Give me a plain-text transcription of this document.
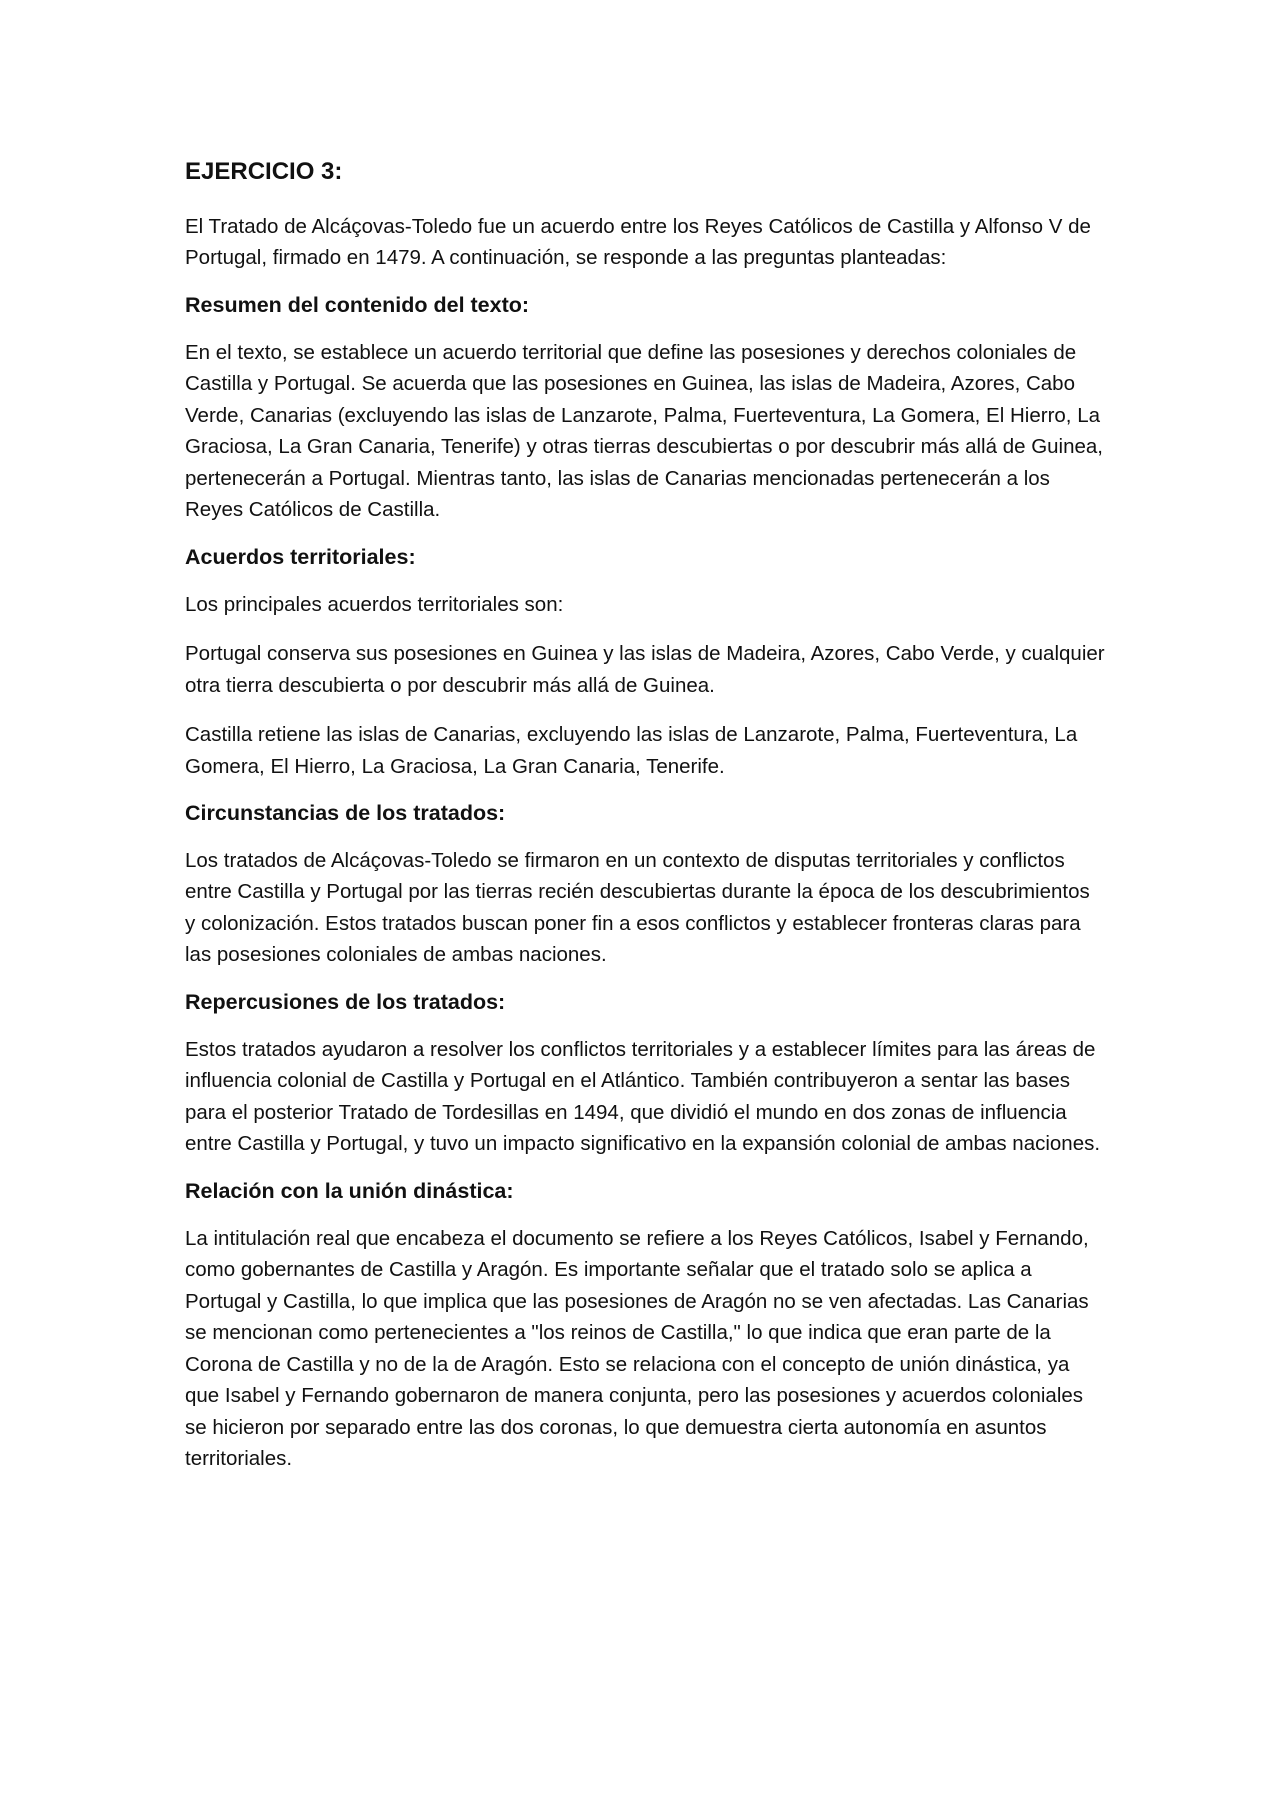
EJERCICIO 3:

El Tratado de Alcáçovas-Toledo fue un acuerdo entre los Reyes Católicos de Castilla y Alfonso V de Portugal, firmado en 1479. A continuación, se responde a las preguntas planteadas:

Resumen del contenido del texto:

En el texto, se establece un acuerdo territorial que define las posesiones y derechos coloniales de Castilla y Portugal. Se acuerda que las posesiones en Guinea, las islas de Madeira, Azores, Cabo Verde, Canarias (excluyendo las islas de Lanzarote, Palma, Fuerteventura, La Gomera, El Hierro, La Graciosa, La Gran Canaria, Tenerife) y otras tierras descubiertas o por descubrir más allá de Guinea, pertenecerán a Portugal. Mientras tanto, las islas de Canarias mencionadas pertenecerán a los Reyes Católicos de Castilla.

Acuerdos territoriales:

Los principales acuerdos territoriales son:

Portugal conserva sus posesiones en Guinea y las islas de Madeira, Azores, Cabo Verde, y cualquier otra tierra descubierta o por descubrir más allá de Guinea.

Castilla retiene las islas de Canarias, excluyendo las islas de Lanzarote, Palma, Fuerteventura, La Gomera, El Hierro, La Graciosa, La Gran Canaria, Tenerife.

Circunstancias de los tratados:

Los tratados de Alcáçovas-Toledo se firmaron en un contexto de disputas territoriales y conflictos entre Castilla y Portugal por las tierras recién descubiertas durante la época de los descubrimientos y colonización. Estos tratados buscan poner fin a esos conflictos y establecer fronteras claras para las posesiones coloniales de ambas naciones.

Repercusiones de los tratados:

Estos tratados ayudaron a resolver los conflictos territoriales y a establecer límites para las áreas de influencia colonial de Castilla y Portugal en el Atlántico. También contribuyeron a sentar las bases para el posterior Tratado de Tordesillas en 1494, que dividió el mundo en dos zonas de influencia entre Castilla y Portugal, y tuvo un impacto significativo en la expansión colonial de ambas naciones.

Relación con la unión dinástica:

La intitulación real que encabeza el documento se refiere a los Reyes Católicos, Isabel y Fernando, como gobernantes de Castilla y Aragón. Es importante señalar que el tratado solo se aplica a Portugal y Castilla, lo que implica que las posesiones de Aragón no se ven afectadas. Las Canarias se mencionan como pertenecientes a "los reinos de Castilla," lo que indica que eran parte de la Corona de Castilla y no de la de Aragón. Esto se relaciona con el concepto de unión dinástica, ya que Isabel y Fernando gobernaron de manera conjunta, pero las posesiones y acuerdos coloniales se hicieron por separado entre las dos coronas, lo que demuestra cierta autonomía en asuntos territoriales.
